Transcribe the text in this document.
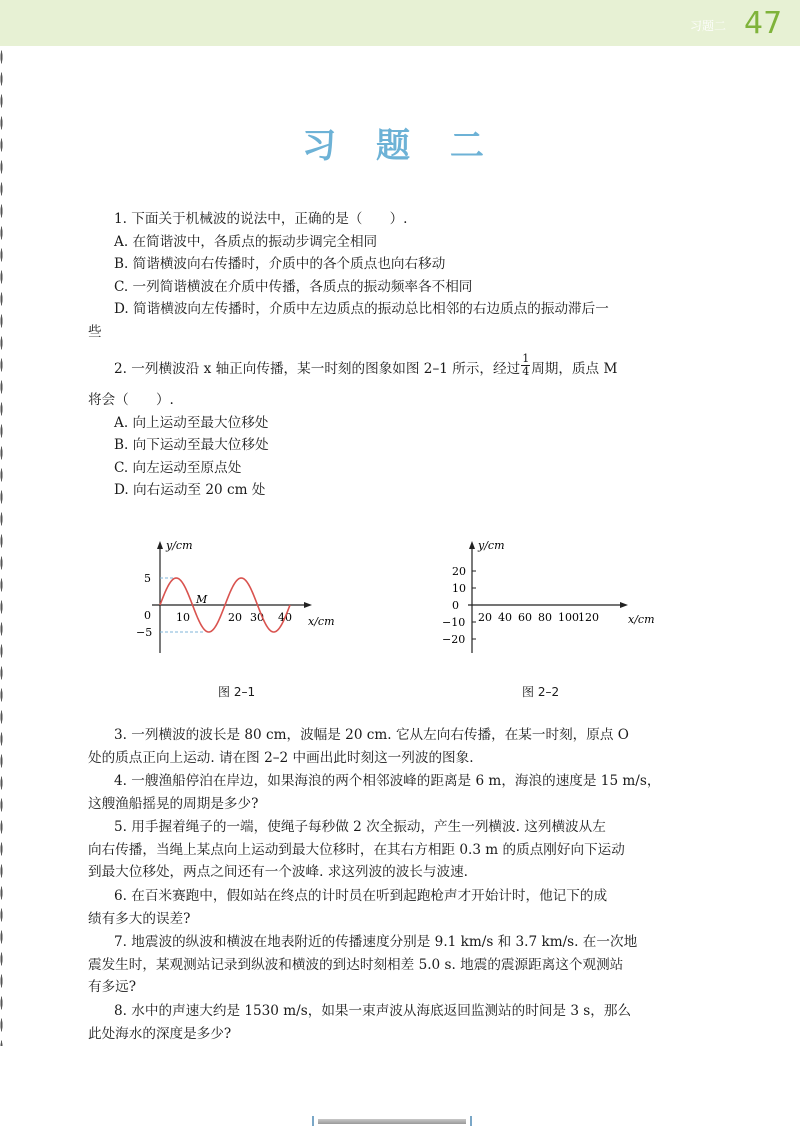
习题二 47
习 题 二
1. 下面关于机械波的说法中，正确的是（　　）.
A. 在简谐波中，各质点的振动步调完全相同
B. 简谐横波向右传播时，介质中的各个质点也向右移动
C. 一列简谐横波在介质中传播，各质点的振动频率各不相同
D. 简谐横波向左传播时，介质中左边质点的振动总比相邻的右边质点的振动滞后一
些
2. 一列横波沿 x 轴正向传播，某一时刻的图象如图 2–1 所示，经过 $\frac{1}{4}$ 周期，质点 M
将会（　　）.
A. 向上运动至最大位移处
B. 向下运动至最大位移处
C. 向左运动至原点处
D. 向右运动至 20 cm 处
y/cm
x/cm
5
0
−5
10	20 30 40
M
图 2–1
y/cm
x/cm
20
10
0
−10
−20
20 40 60 80 100 120
图 2–2
3. 一列横波的波长是 80 cm，波幅是 20 cm. 它从左向右传播，在某一时刻，原点 O
处的质点正向上运动. 请在图 2–2 中画出此时刻这一列波的图象.
4. 一艘渔船停泊在岸边，如果海浪的两个相邻波峰的距离是 6 m，海浪的速度是 15 m/s，
这艘渔船摇晃的周期是多少?
5. 用手握着绳子的一端，使绳子每秒做 2 次全振动，产生一列横波. 这列横波从左
向右传播，当绳上某点向上运动到最大位移时，在其右方相距 0.3 m 的质点刚好向下运动
到最大位移处，两点之间还有一个波峰. 求这列波的波长与波速.
6. 在百米赛跑中，假如站在终点的计时员在听到起跑枪声才开始计时，他记下的成
绩有多大的误差?
7. 地震波的纵波和横波在地表附近的传播速度分别是 9.1 km/s 和 3.7 km/s. 在一次地
震发生时，某观测站记录到纵波和横波的到达时刻相差 5.0 s. 地震的震源距离这个观测站
有多远?
8. 水中的声速大约是 1530 m/s，如果一束声波从海底返回监测站的时间是 3 s，那么
此处海水的深度是多少?
